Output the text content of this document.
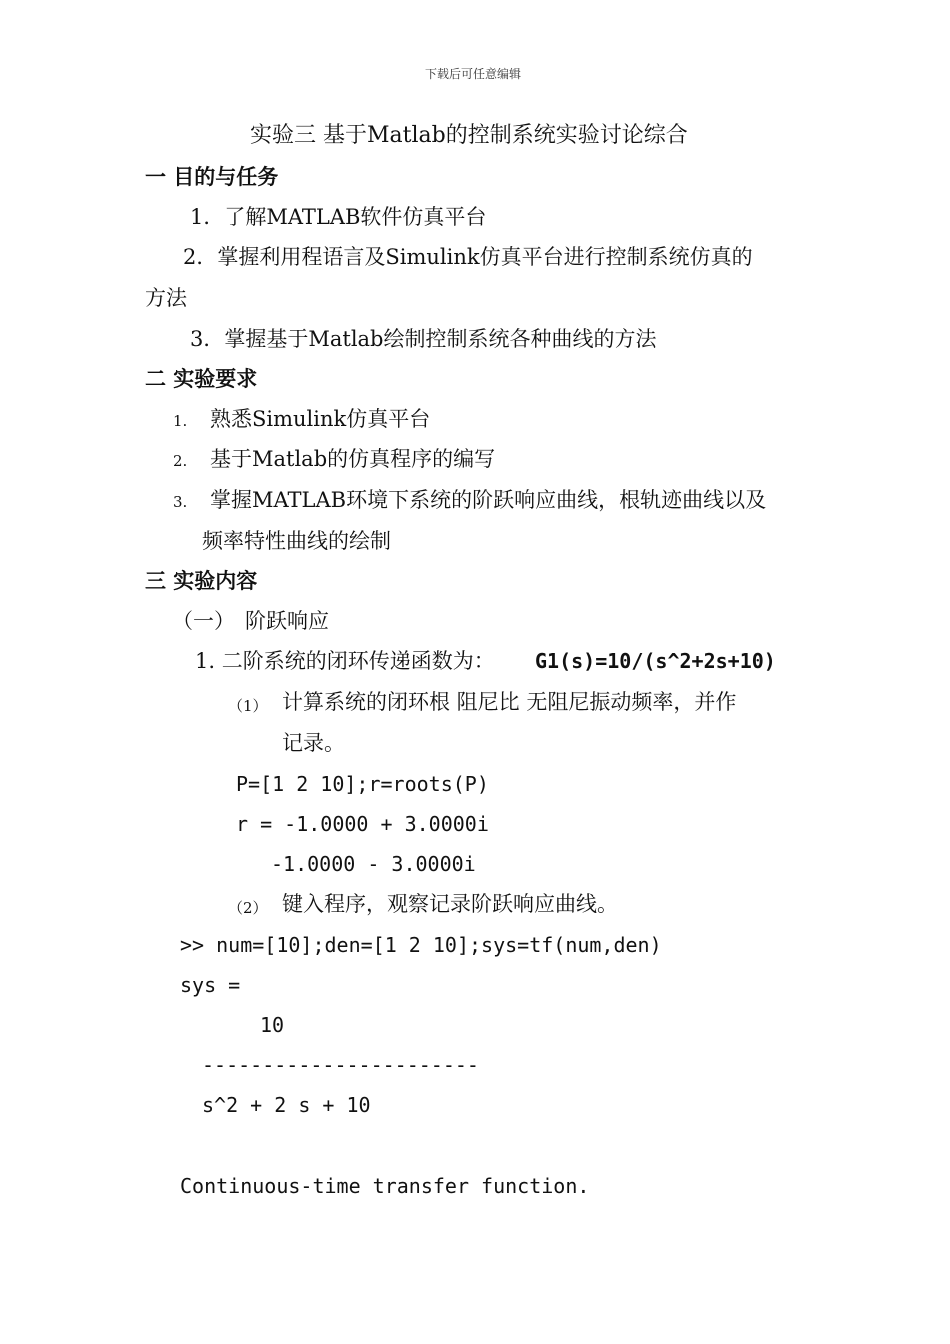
下载后可任意编辑
实验三 基于Matlab的控制系统实验讨论综合
一 目的与任务
1．了解MATLAB软件仿真平台
2．掌握利用程语言及Simulink仿真平台进行控制系统仿真的
方法
3．掌握基于Matlab绘制控制系统各种曲线的方法
二 实验要求
1. 熟悉Simulink仿真平台
2. 基于Matlab的仿真程序的编写
3. 掌握MATLAB环境下系统的阶跃响应曲线，根轨迹曲线以及
频率特性曲线的绘制
三 实验内容
（一） 阶跃响应
1. 二阶系统的闭环传递函数为： G1(s)=10/(s^2+2s+10)
（1） 计算系统的闭环根 阻尼比 无阻尼振动频率，并作
记录。
P=[1 2 10];r=roots(P)
r = -1.0000 + 3.0000i
-1.0000 - 3.0000i
（2） 键入程序，观察记录阶跃响应曲线。
>> num=[10];den=[1 2 10];sys=tf(num,den)
sys =
10
-----------------------
s^2 + 2 s + 10
Continuous-time transfer function.
